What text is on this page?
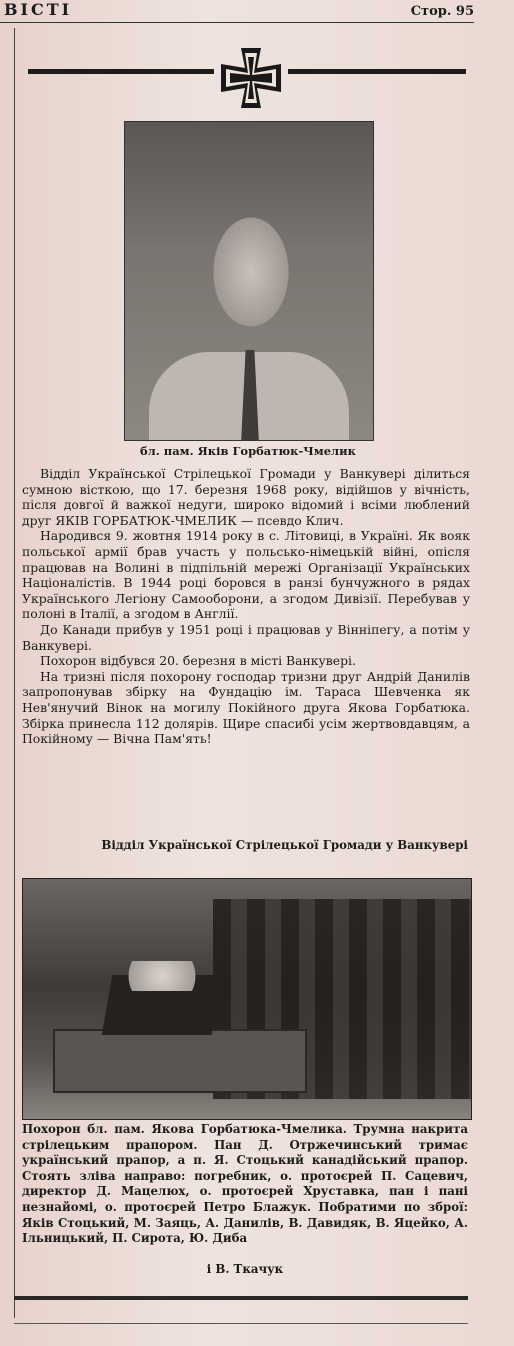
ВІСТІ	Стор. 95
бл. пам. Яків Горбатюк-Чмелик

Відділ Української Стрілецької Громади у Ванкувері ділиться сумною вісткою, що 17. березня 1968 року, відійшов у вічність, після довгої й важкої недуги, широко відомий і всіми люблений друг ЯКІВ ГОРБАТЮК-ЧМЕЛИК — псевдо Клич.

Народився 9. жовтня 1914 року в с. Літовиці, в Україні. Як вояк польської армії брав участь у польсько-німецькій війні, опісля працював на Волині в підпільній мережі Організації Українських Націоналістів. В 1944 році боровся в ранзі бунчужного в рядах Українського Легіону Самооборони, а згодом Дивізії. Перебував у полоні в Італії, а згодом в Англії.

До Канади прибув у 1951 році і працював у Вінніпегу, а потім у Ванкувері.

Похорон відбувся 20. березня в місті Ванкувері.

На тризні після похорону господар тризни друг Андрій Данилів запропонував збірку на Фундацію ім. Тараса Шевченка як Нев'янучий Вінок на могилу Покійного друга Якова Горбатюка. Збірка принесла 112 долярів. Щире спасибі усім жертвовдавцям, а Покійному — Вічна Пам'ять!

Відділ Української Стрілецької Громади у Ванкувері
Похорон бл. пам. Якова Горбатюка-Чмелика. Трумна накрита стрілецьким прапором. Пан Д. Отржечинський тримає український прапор, а п. Я. Стоцький канадійський прапор. Стоять зліва направо: погребник, о. протоєрей П. Сацевич, директор Д. Мацелюх, о. протоєрей Хруставка, пан і пані незнайомі, о. протоєрей Петро Блажук. Побратими по зброї: Яків Стоцький, М. Заяць, А. Данилів, В. Давидяк, В. Яцейко, А. Ільницький, П. Сирота, Ю. Диба
і В. Ткачук
